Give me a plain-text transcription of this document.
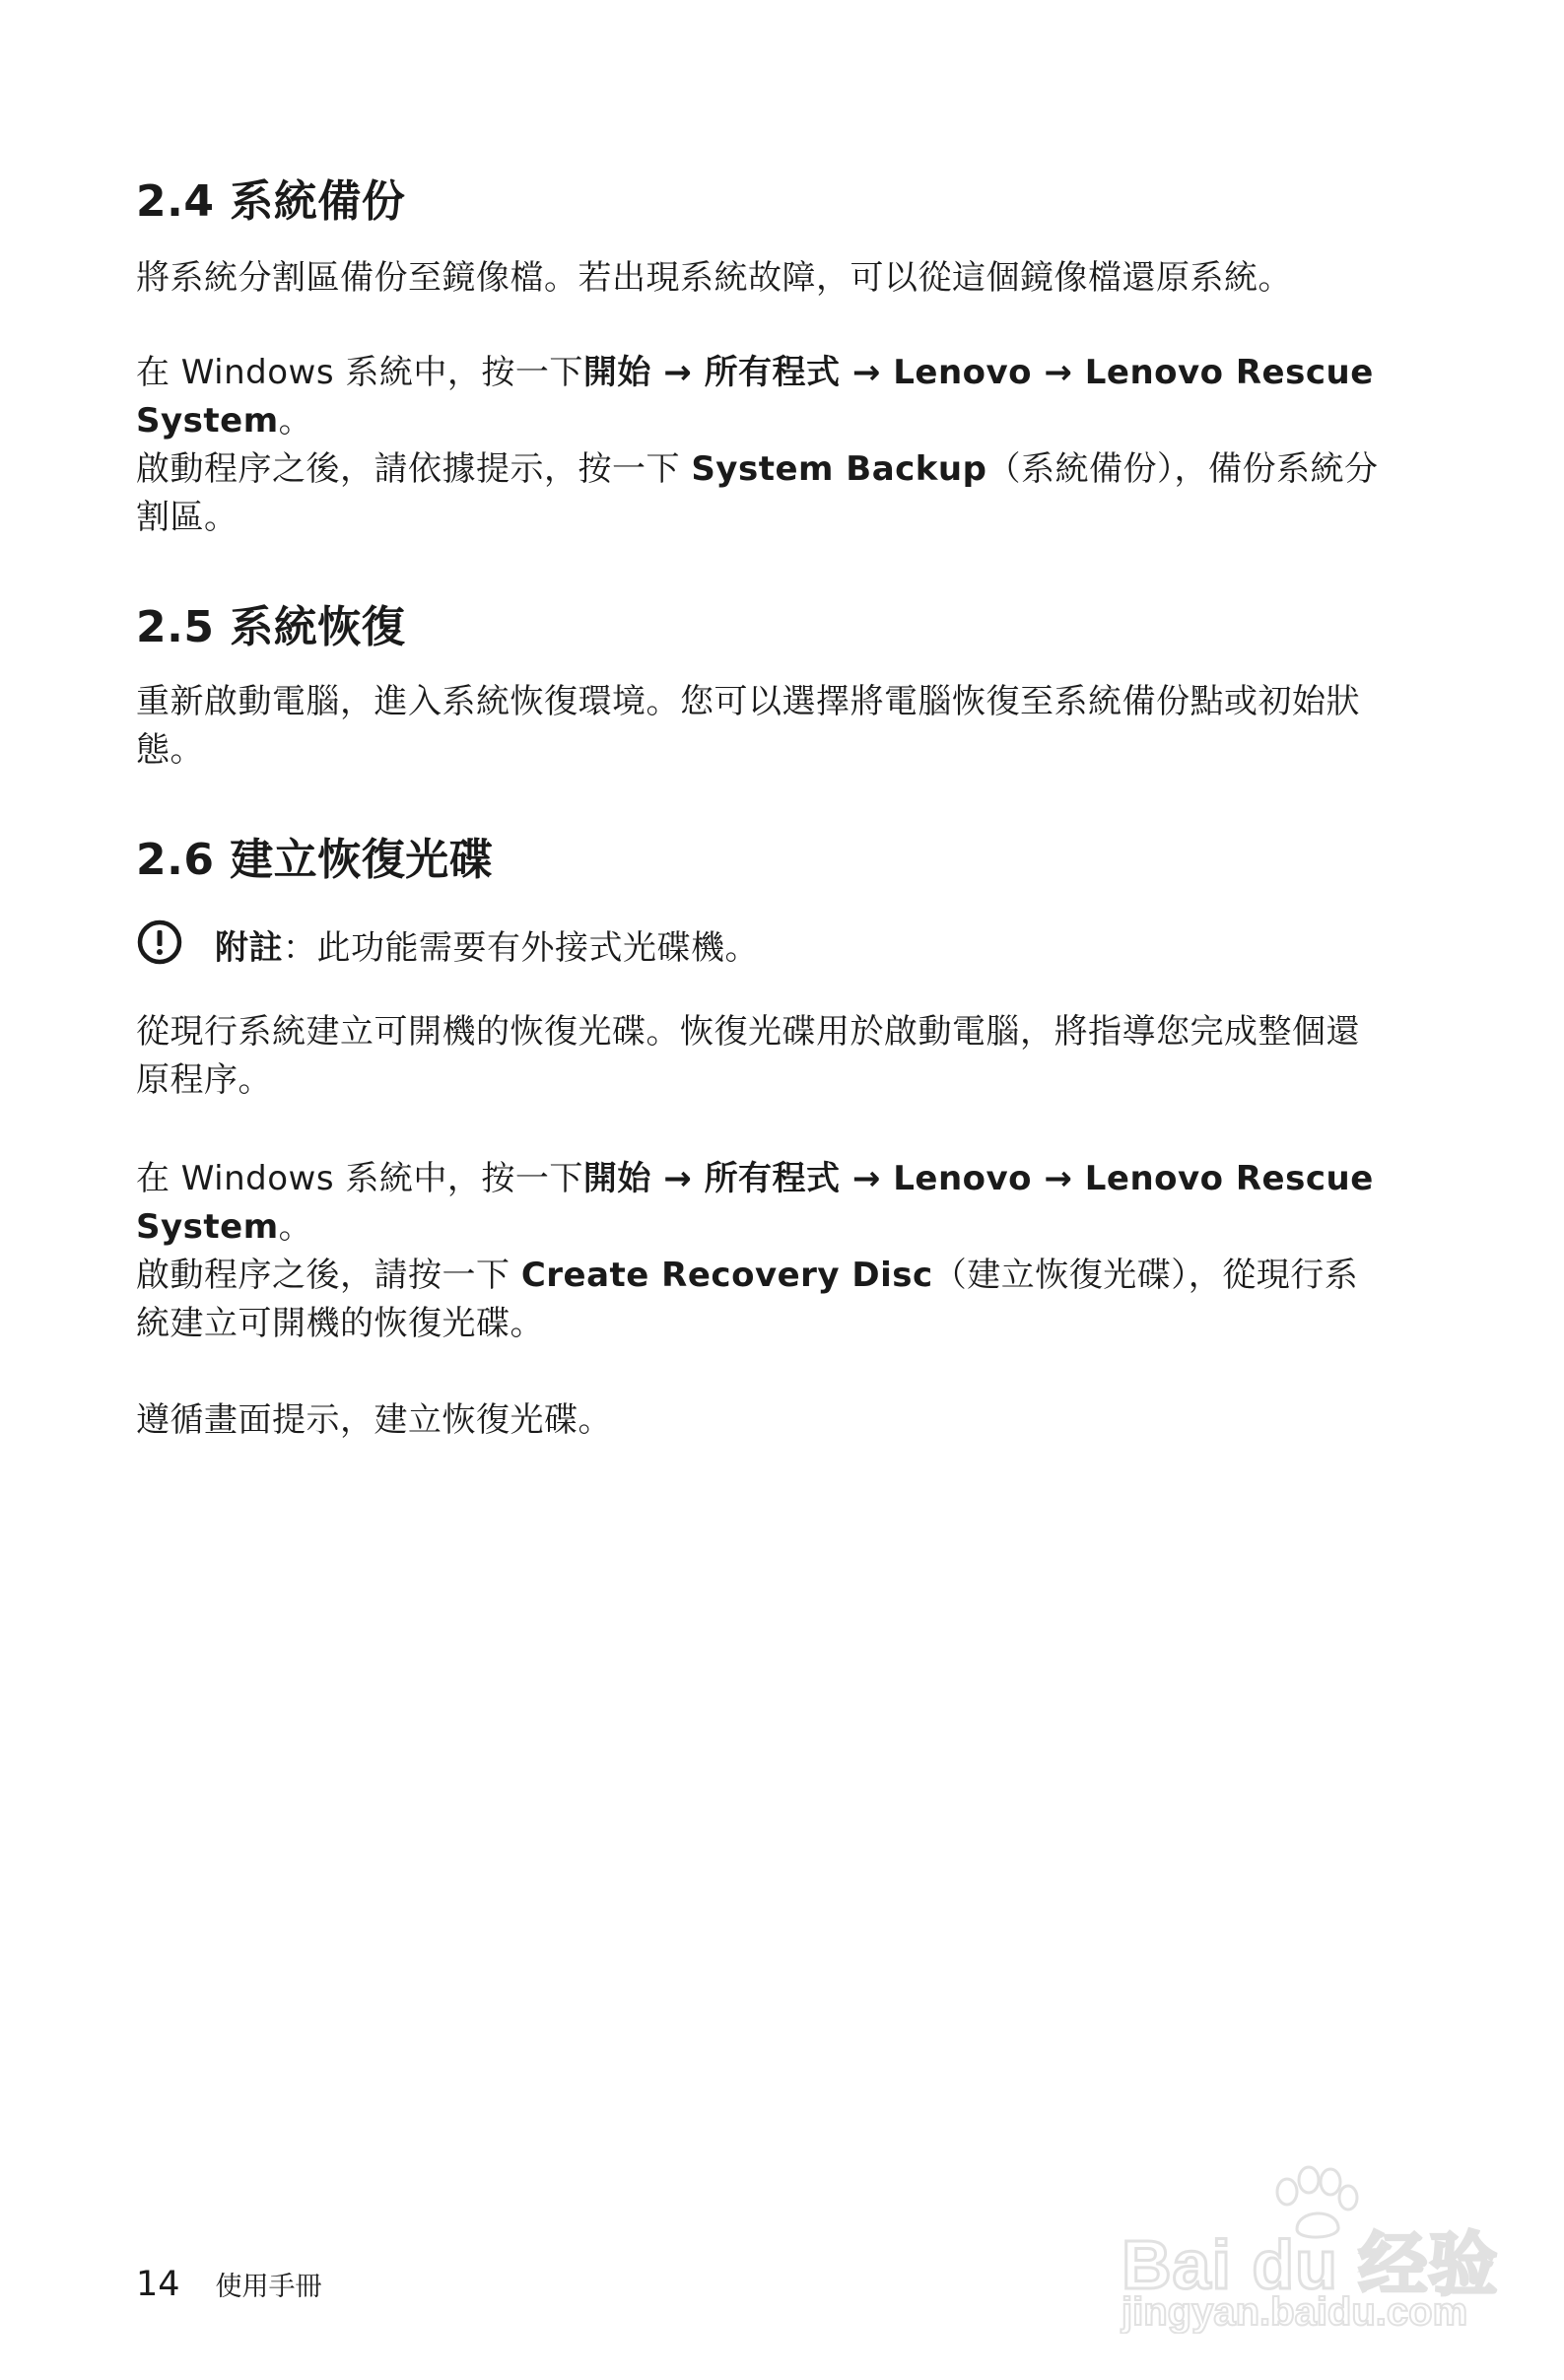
2.4 系統備份

將系統分割區備份至鏡像檔。若出現系統故障，可以從這個鏡像檔還原系統。

在 Windows 系統中，按一下開始 → 所有程式 → Lenovo → Lenovo Rescue System。

啟動程序之後，請依據提示，按一下 System Backup（系統備份），備份系統分割區。

2.5 系統恢復

重新啟動電腦，進入系統恢復環境。您可以選擇將電腦恢復至系統備份點或初始狀態。

2.6 建立恢復光碟

附註：此功能需要有外接式光碟機。

從現行系統建立可開機的恢復光碟。恢復光碟用於啟動電腦，將指導您完成整個還原程序。

在 Windows 系統中，按一下開始 → 所有程式 → Lenovo → Lenovo Rescue System。

啟動程序之後，請按一下 Create Recovery Disc（建立恢復光碟），從現行系統建立可開機的恢復光碟。

遵循畫面提示，建立恢復光碟。

14 使用手冊	Bai du 经验
jingyan.baidu.com
